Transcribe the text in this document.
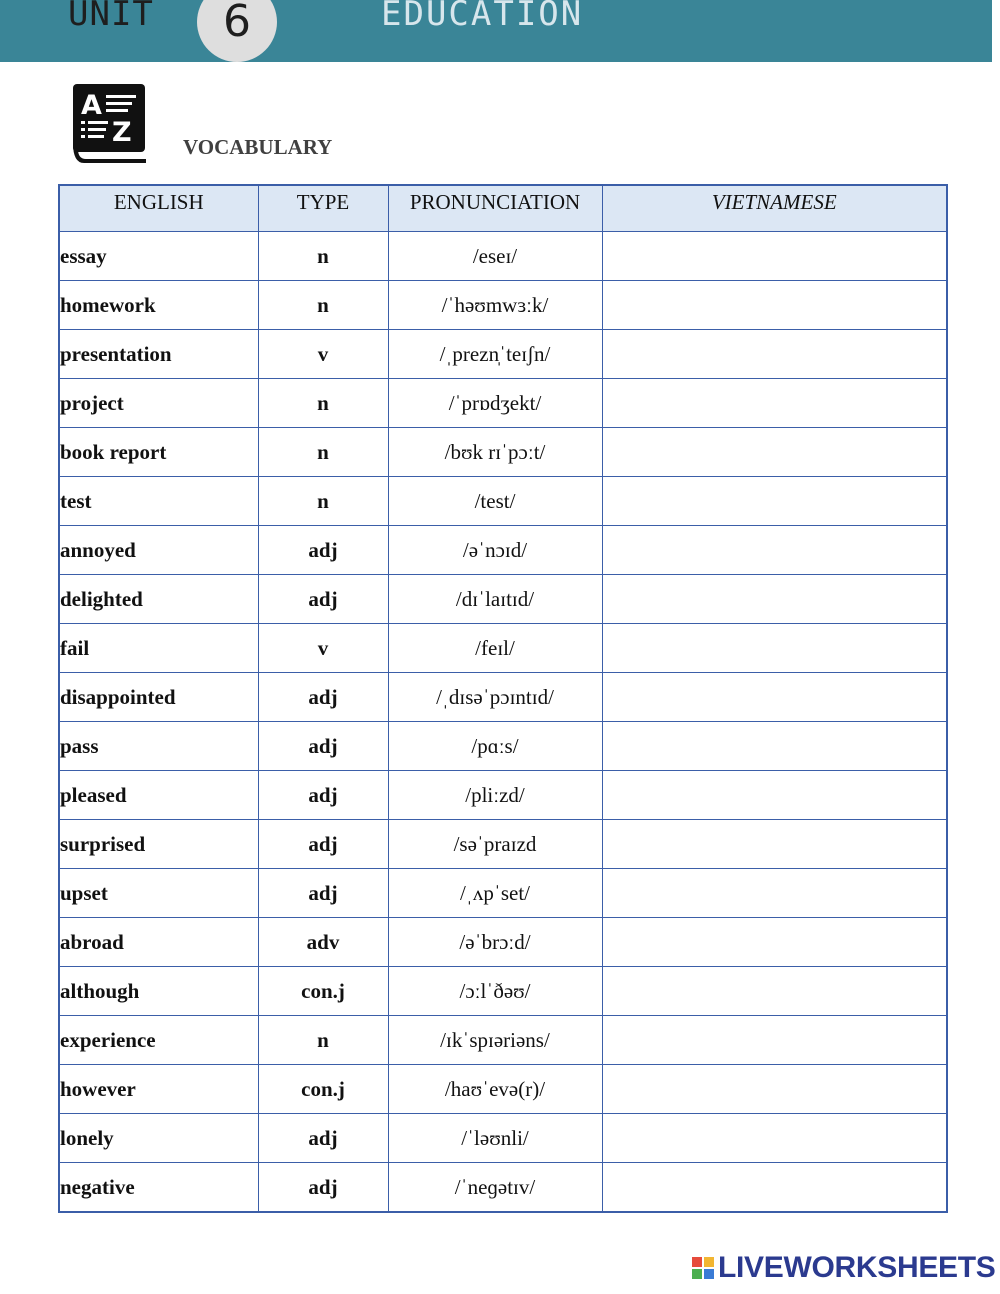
UNIT	6	EDUCATION
A
Z VOCABULARY
ENGLISH	TYPE	PRONUNCIATION	VIETNAMESE
essay	n	/eseɪ/	
homework	n	/ˈhəʊmwɜːk/	
presentation	v	/ˌprezn̩ˈteɪʃn/	
project	n	/ˈprɒdʒekt/	
book report	n	/bʊk rɪˈpɔːt/	
test	n	/test/	
annoyed	adj	/əˈnɔɪd/	
delighted	adj	/dɪˈlaɪtɪd/	
fail	v	/feɪl/	
disappointed	adj	/ˌdɪsəˈpɔɪntɪd/	
pass	adj	/pɑːs/	
pleased	adj	/pliːzd/	
surprised	adj	/səˈpraɪzd	
upset	adj	/ˌʌpˈset/	
abroad	adv	/əˈbrɔːd/	
although	con.j	/ɔːlˈðəʊ/	
experience	n	/ɪkˈspɪəriəns/	
however	con.j	/haʊˈevə(r)/	
lonely	adj	/ˈləʊnli/	
negative	adj	/ˈneɡətɪv/	
LIVEWORKSHEETS
